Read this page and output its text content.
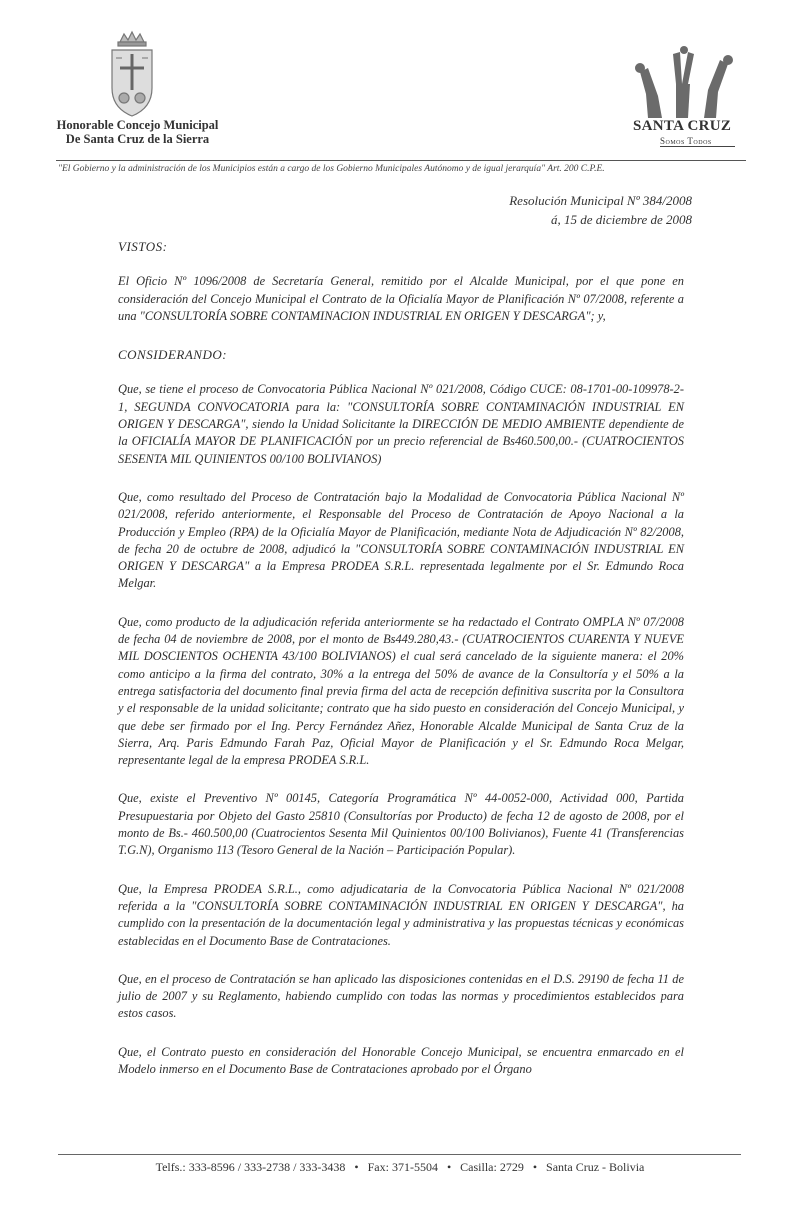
Honorable Concejo Municipal
De Santa Cruz de la Sierra
SANTA CRUZ
Somos Todos
"El Gobierno y la administración de los Municipios están a cargo de los Gobierno Municipales Autónomo y de igual jerarquía" Art. 200 C.P.E.
Resolución Municipal Nº 384/2008
á, 15 de diciembre de 2008
VISTOS:

El Oficio Nº 1096/2008 de Secretaría General, remitido por el Alcalde Municipal, por el que pone en consideración del Concejo Municipal el Contrato de la Oficialía Mayor de Planificación Nº 07/2008, referente a una "CONSULTORÍA SOBRE CONTAMINACION INDUSTRIAL EN ORIGEN Y DESCARGA"; y,

CONSIDERANDO:

Que, se tiene el proceso de Convocatoria Pública Nacional Nº 021/2008, Código CUCE: 08-1701-00-109978-2-1, SEGUNDA CONVOCATORIA para la: "CONSULTORÍA SOBRE CONTAMINACIÓN INDUSTRIAL EN ORIGEN Y DESCARGA", siendo la Unidad Solicitante la DIRECCIÓN DE MEDIO AMBIENTE dependiente de la OFICIALÍA MAYOR DE PLANIFICACIÓN por un precio referencial de Bs460.500,00.- (CUATROCIENTOS SESENTA MIL QUINIENTOS 00/100 BOLIVIANOS)

Que, como resultado del Proceso de Contratación bajo la Modalidad de Convocatoria Pública Nacional Nº 021/2008, referido anteriormente, el Responsable del Proceso de Contratación de Apoyo Nacional a la Producción y Empleo (RPA) de la Oficialía Mayor de Planificación, mediante Nota de Adjudicación Nº 82/2008, de fecha 20 de octubre de 2008, adjudicó la "CONSULTORÍA SOBRE CONTAMINACIÓN INDUSTRIAL EN ORIGEN Y DESCARGA" a la Empresa PRODEA S.R.L. representada legalmente por el Sr. Edmundo Roca Melgar.

Que, como producto de la adjudicación referida anteriormente se ha redactado el Contrato OMPLA Nº 07/2008 de fecha 04 de noviembre de 2008, por el monto de Bs449.280,43.- (CUATROCIENTOS CUARENTA Y NUEVE MIL DOSCIENTOS OCHENTA 43/100 BOLIVIANOS) el cual será cancelado de la siguiente manera: el 20% como anticipo a la firma del contrato, 30% a la entrega del 50% de avance de la Consultoría y el 50% a la entrega satisfactoria del documento final previa firma del acta de recepción definitiva suscrita por la Consultora y el responsable de la unidad solicitante; contrato que ha sido puesto en consideración del Concejo Municipal, y que debe ser firmado por el Ing. Percy Fernández Añez, Honorable Alcalde Municipal de Santa Cruz de la Sierra, Arq. Paris Edmundo Farah Paz, Oficial Mayor de Planificación y el Sr. Edmundo Roca Melgar, representante legal de la empresa PRODEA S.R.L.

Que, existe el Preventivo Nº 00145, Categoría Programática Nº 44-0052-000, Actividad 000, Partida Presupuestaria por Objeto del Gasto 25810 (Consultorías por Producto) de fecha 12 de agosto de 2008, por el monto de Bs.- 460.500,00 (Cuatrocientos Sesenta Mil Quinientos 00/100 Bolivianos), Fuente 41 (Transferencias T.G.N), Organismo 113 (Tesoro General de la Nación – Participación Popular).

Que, la Empresa PRODEA S.R.L., como adjudicataria de la Convocatoria Pública Nacional Nº 021/2008 referida a la "CONSULTORÍA SOBRE CONTAMINACIÓN INDUSTRIAL EN ORIGEN Y DESCARGA", ha cumplido con la presentación de la documentación legal y administrativa y las propuestas técnicas y económicas establecidas en el Documento Base de Contrataciones.

Que, en el proceso de Contratación se han aplicado las disposiciones contenidas en el D.S. 29190 de fecha 11 de julio de 2007 y su Reglamento, habiendo cumplido con todas las normas y procedimientos establecidos para estos casos.

Que, el Contrato puesto en consideración del Honorable Concejo Municipal, se encuentra enmarcado en el Modelo inmerso en el Documento Base de Contrataciones aprobado por el Órgano

Telfs.: 333-8596 / 333-2738 / 333-3438 • Fax: 371-5504 • Casilla: 2729 • Santa Cruz - Bolivia
